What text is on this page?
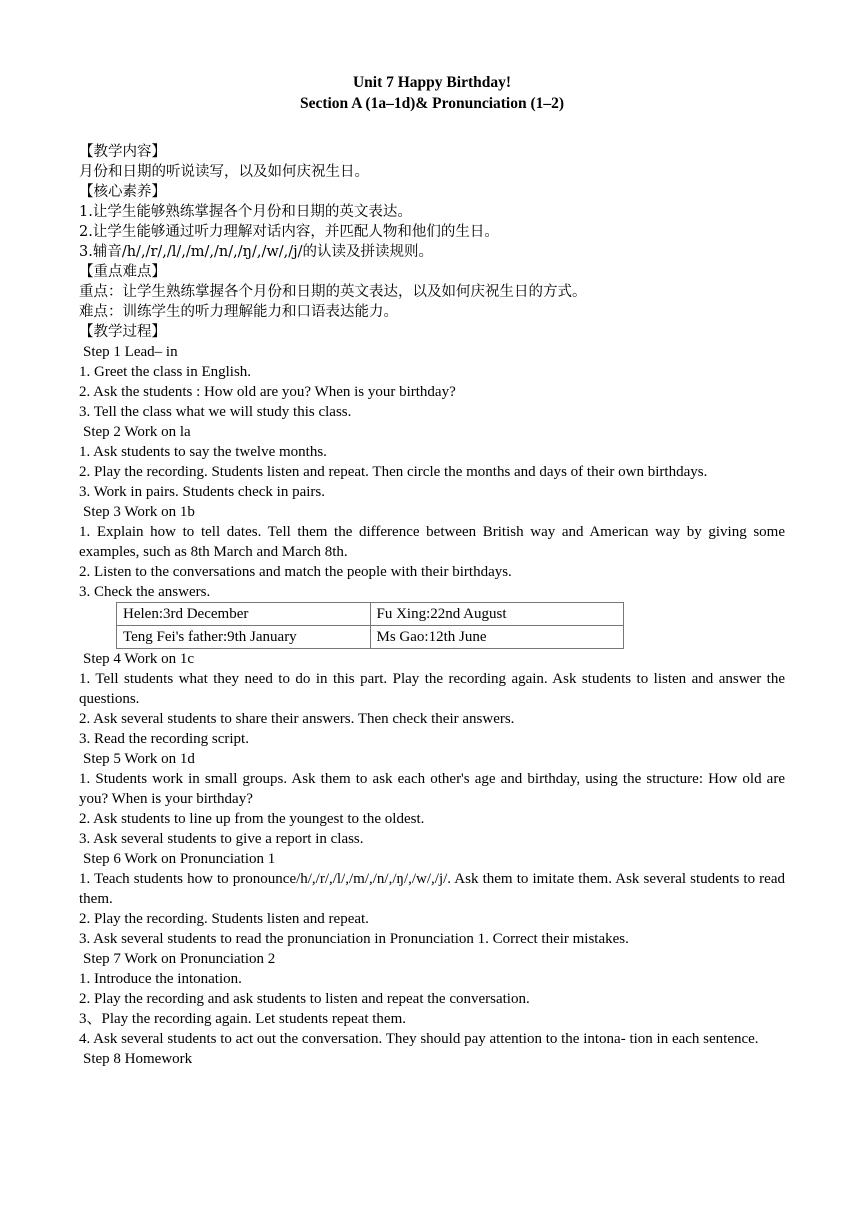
Unit 7 Happy Birthday!
Section A (1a–1d)& Pronunciation (1–2)
【教学内容】
月份和日期的听说读写，以及如何庆祝生日。
【核心素养】
1.让学生能够熟练掌握各个月份和日期的英文表达。
2.让学生能够通过听力理解对话内容，并匹配人物和他们的生日。
3.辅音/h/,/r/,/l/,/m/,/n/,/ŋ/,/w/,/j/的认读及拼读规则。
【重点难点】
重点：让学生熟练掌握各个月份和日期的英文表达，以及如何庆祝生日的方式。
难点：训练学生的听力理解能力和口语表达能力。
【教学过程】
Step 1 Lead– in
1. Greet the class in English.
2. Ask the students : How old are you? When is your birthday?
3. Tell the class what we will study this class.
Step 2 Work on la
1. Ask students to say the twelve months.
2. Play the recording. Students listen and repeat. Then circle the months and days of their own birthdays.
3. Work in pairs. Students check in pairs.
Step 3 Work on 1b
1. Explain how to tell dates. Tell them the difference between British way and American way by giving some examples, such as 8th March and March 8th.
2. Listen to the conversations and match the people with their birthdays.
3. Check the answers.
Helen:3rd December	Fu Xing:22nd August
Teng Fei's father:9th January	Ms Gao:12th June
Step 4 Work on 1c
1. Tell students what they need to do in this part. Play the recording again. Ask students to listen and answer the questions.
2. Ask several students to share their answers. Then check their answers.
3. Read the recording script.
Step 5 Work on 1d
1. Students work in small groups. Ask them to ask each other's age and birthday, using the structure: How old are you? When is your birthday?
2. Ask students to line up from the youngest to the oldest.
3. Ask several students to give a report in class.
Step 6 Work on Pronunciation 1
1. Teach students how to pronounce/h/,/r/,/l/,/m/,/n/,/ŋ/,/w/,/j/. Ask them to imitate them. Ask several students to read them.
2. Play the recording. Students listen and repeat.
3. Ask several students to read the pronunciation in Pronunciation 1. Correct their mistakes.
Step 7 Work on Pronunciation 2
1. Introduce the intonation.
2. Play the recording and ask students to listen and repeat the conversation.
3、Play the recording again. Let students repeat them.
4. Ask several students to act out the conversation. They should pay attention to the intona- tion in each sentence.
Step 8 Homework
